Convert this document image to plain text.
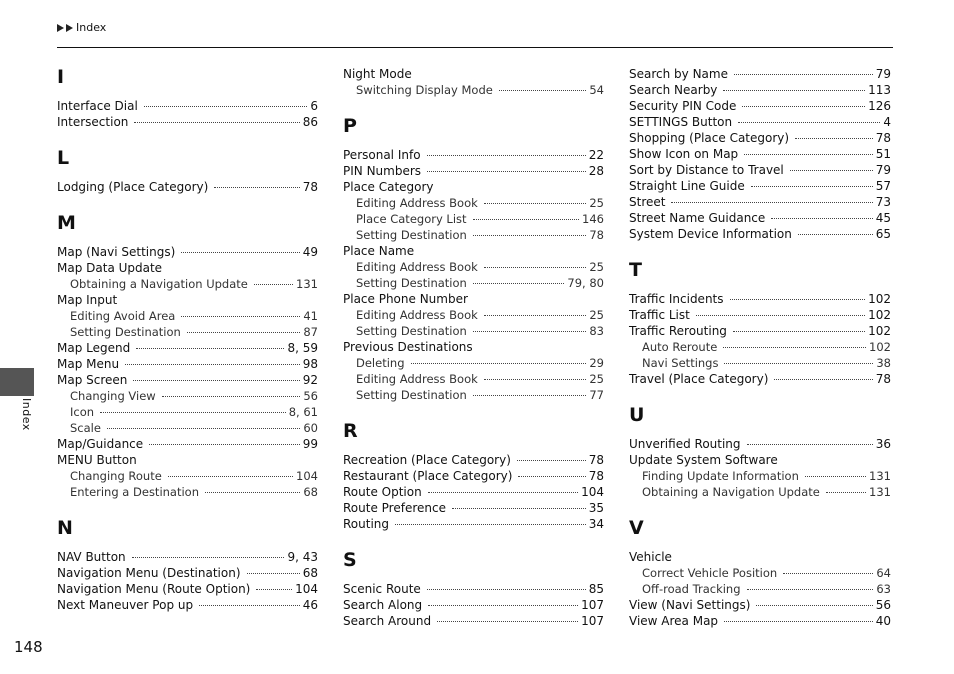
Index
Index
148
I
Interface Dial	6
Intersection	86
L
Lodging (Place Category)	78
M
Map (Navi Settings)	49
Map Data Update
Obtaining a Navigation Update	131
Map Input
Editing Avoid Area	41
Setting Destination	87
Map Legend	8, 59
Map Menu	98
Map Screen	92
Changing View	56
Icon	8, 61
Scale	60
Map/Guidance	99
MENU Button
Changing Route	104
Entering a Destination	68
N
NAV Button	9, 43
Navigation Menu (Destination)	68
Navigation Menu (Route Option)	104
Next Maneuver Pop up	46
Night Mode
Switching Display Mode	54
P
Personal Info	22
PIN Numbers	28
Place Category
Editing Address Book	25
Place Category List	146
Setting Destination	78
Place Name
Editing Address Book	25
Setting Destination	79, 80
Place Phone Number
Editing Address Book	25
Setting Destination	83
Previous Destinations
Deleting	29
Editing Address Book	25
Setting Destination	77
R
Recreation (Place Category)	78
Restaurant (Place Category)	78
Route Option	104
Route Preference	35
Routing	34
S
Scenic Route	85
Search Along	107
Search Around	107
Search by Name	79
Search Nearby	113
Security PIN Code	126
SETTINGS Button	4
Shopping (Place Category)	78
Show Icon on Map	51
Sort by Distance to Travel	79
Straight Line Guide	57
Street	73
Street Name Guidance	45
System Device Information	65
T
Traffic Incidents	102
Traffic List	102
Traffic Rerouting	102
Auto Reroute	102
Navi Settings	38
Travel (Place Category)	78
U
Unverified Routing	36
Update System Software
Finding Update Information	131
Obtaining a Navigation Update	131
V
Vehicle
Correct Vehicle Position	64
Off-road Tracking	63
View (Navi Settings)	56
View Area Map	40
